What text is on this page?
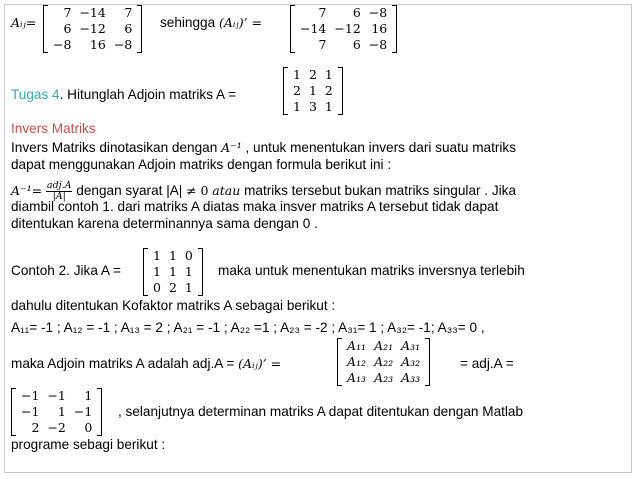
Aᵢⱼ=
7	−14	7
6	−12	6
−8	16	−8
sehingga (Aᵢⱼ)’ =
7	6	−8
−14	−12	16
7	6	−8
Tugas 4. Hitunglah Adjoin matriks A =
1	2	1
2	1	2
1	3	1
Invers Matriks
Invers Matriks dinotasikan dengan A⁻¹ , untuk menentukan invers dari suatu matriks
dapat menggunakan Adjoin matriks dengan formula berikut ini :
$A^{-1}= \frac{\text{adj.A}}{|A|}$ dengan syarat |A| ≠ 0 atau matriks tersebut bukan matriks singular . Jika
diambil contoh 1. dari matriks A diatas maka insver matriks A tersebut tidak dapat
ditentukan karena determinannya sama dengan 0 .
Contoh 2. Jika A =
1	1	0
1	1	1
0	2	1
maka untuk menentukan matriks inversnya terlebih
dahulu ditentukan Kofaktor matriks A sebagai berikut :
A₁₁= -1 ; A₁₂ = -1 ; A₁₃ = 2 ; A₂₁ = -1 ; A₂₂ =1 ; A₂₃ = -2 ; A₃₁= 1 ; A₃₂= -1; A₃₃= 0 ,
maka Adjoin matriks A adalah adj.A = (Aᵢⱼ)’ =
A₁₁	A₂₁	A₃₁
A₁₂	A₂₂	A₃₂
A₁₃	A₂₃	A₃₃
= adj.A =
−1	−1	1
−1	1	−1
2	−2	0
, selanjutnya determinan matriks A dapat ditentukan dengan Matlab
programe sebagi berikut :
